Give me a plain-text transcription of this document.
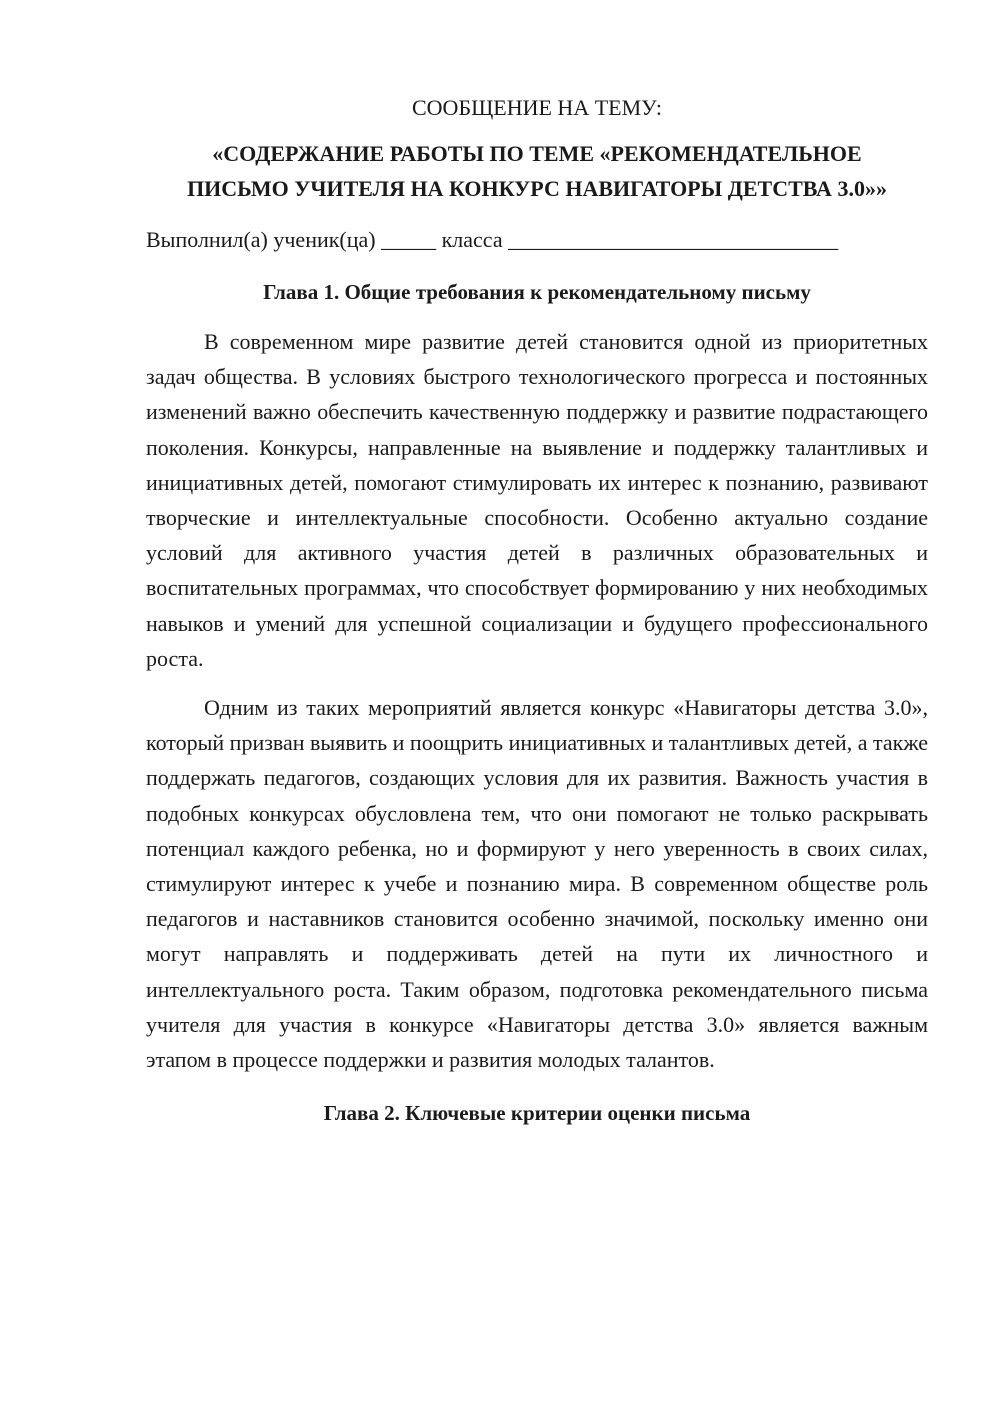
СООБЩЕНИЕ НА ТЕМУ:
«СОДЕРЖАНИЕ РАБОТЫ ПО ТЕМЕ «РЕКОМЕНДАТЕЛЬНОЕ
ПИСЬМО УЧИТЕЛЯ НА КОНКУРС НАВИГАТОРЫ ДЕТСТВА 3.0»»
Выполнил(а) ученик(ца) _____ класса ______________________________
Глава 1. Общие требования к рекомендательному письму

В современном мире развитие детей становится одной из приоритетных задач общества. В условиях быстрого технологического прогресса и постоянных изменений важно обеспечить качественную поддержку и развитие подрастающего поколения. Конкурсы, направленные на выявление и поддержку талантливых и инициативных детей, помогают стимулировать их интерес к познанию, развивают творческие и интеллектуальные способности. Особенно актуально создание условий для активного участия детей в различных образовательных и воспитательных программах, что способствует формированию у них необходимых навыков и умений для успешной социализации и будущего профессионального роста.

Одним из таких мероприятий является конкурс «Навигаторы детства 3.0», который призван выявить и поощрить инициативных и талантливых детей, а также поддержать педагогов, создающих условия для их развития. Важность участия в подобных конкурсах обусловлена тем, что они помогают не только раскрывать потенциал каждого ребенка, но и формируют у него уверенность в своих силах, стимулируют интерес к учебе и познанию мира. В современном обществе роль педагогов и наставников становится особенно значимой, поскольку именно они могут направлять и поддерживать детей на пути их личностного и интеллектуального роста. Таким образом, подготовка рекомендательного письма учителя для участия в конкурсе «Навигаторы детства 3.0» является важным этапом в процессе поддержки и развития молодых талантов.

Глава 2. Ключевые критерии оценки письма
